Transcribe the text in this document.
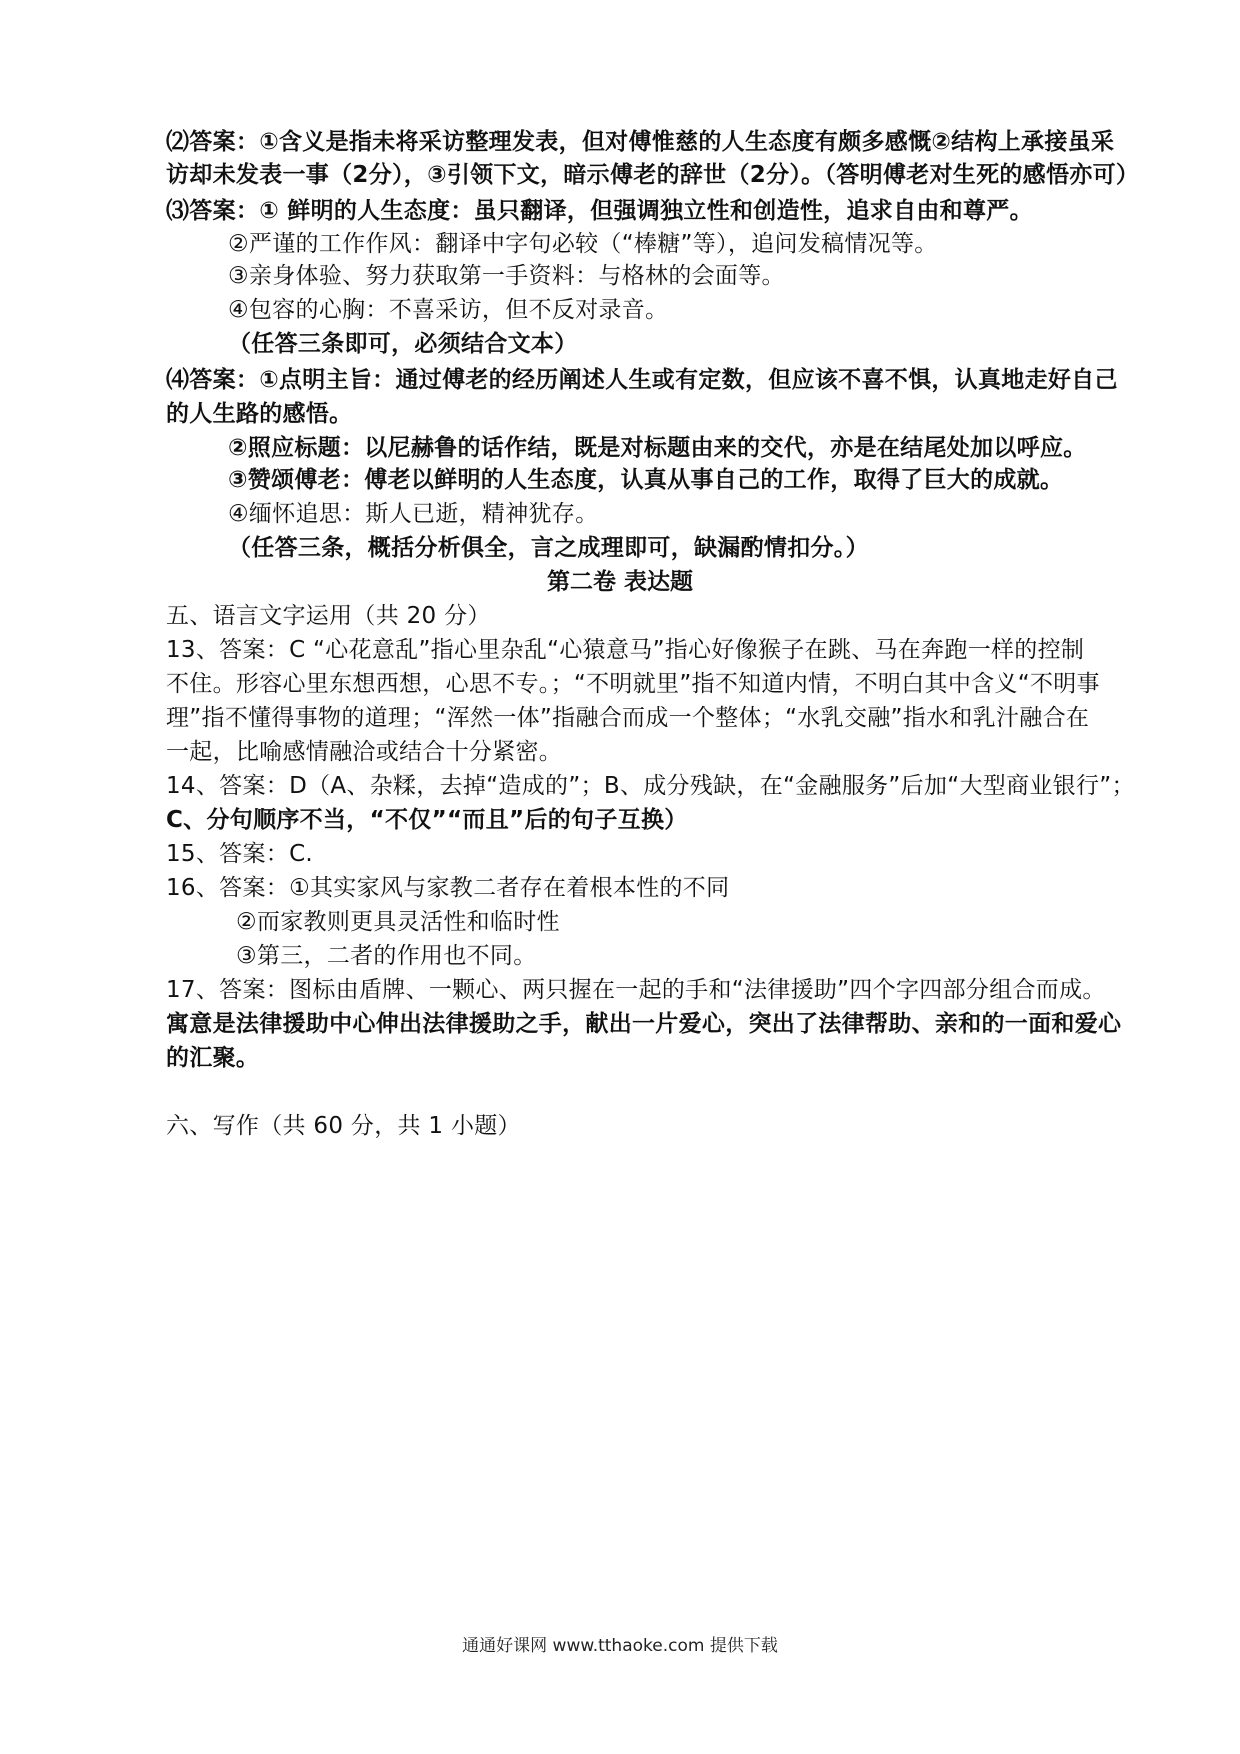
⑵答案：①含义是指未将采访整理发表，但对傅惟慈的人生态度有颇多感慨②结构上承接虽采
访却未发表一事（2分），③引领下文，暗示傅老的辞世（2分）。（答明傅老对生死的感悟亦可）
⑶答案：① 鲜明的人生态度：虽只翻译，但强调独立性和创造性，追求自由和尊严。
②严谨的工作作风：翻译中字句必较（“棒糖”等），追问发稿情况等。
③亲身体验、努力获取第一手资料：与格林的会面等。
④包容的心胸：不喜采访，但不反对录音。
（任答三条即可，必须结合文本）
⑷答案：①点明主旨：通过傅老的经历阐述人生或有定数，但应该不喜不惧，认真地走好自己
的人生路的感悟。
②照应标题：以尼赫鲁的话作结，既是对标题由来的交代，亦是在结尾处加以呼应。
③赞颂傅老：傅老以鲜明的人生态度，认真从事自己的工作，取得了巨大的成就。
④缅怀追思：斯人已逝，精神犹存。
（任答三条，概括分析俱全，言之成理即可，缺漏酌情扣分。）
第二卷 表达题
五、语言文字运用（共 20 分）
13、答案：C “心花意乱”指心里杂乱“心猿意马”指心好像猴子在跳、马在奔跑一样的控制
不住。形容心里东想西想，心思不专。；“不明就里”指不知道内情，不明白其中含义“不明事
理”指不懂得事物的道理；“浑然一体”指融合而成一个整体；“水乳交融”指水和乳汁融合在
一起，比喻感情融洽或结合十分紧密。
14、答案：D（A、杂糅，去掉“造成的”；B、成分残缺，在“金融服务”后加“大型商业银行”；
C、分句顺序不当，“不仅”“而且”后的句子互换）
15、答案：C.
16、答案：①其实家风与家教二者存在着根本性的不同
②而家教则更具灵活性和临时性
③第三，二者的作用也不同。
17、答案：图标由盾牌、一颗心、两只握在一起的手和“法律援助”四个字四部分组合而成。
寓意是法律援助中心伸出法律援助之手，献出一片爱心，突出了法律帮助、亲和的一面和爱心
的汇聚。
六、写作（共 60 分，共 1 小题）
通通好课网 www.tthaoke.com 提供下载
